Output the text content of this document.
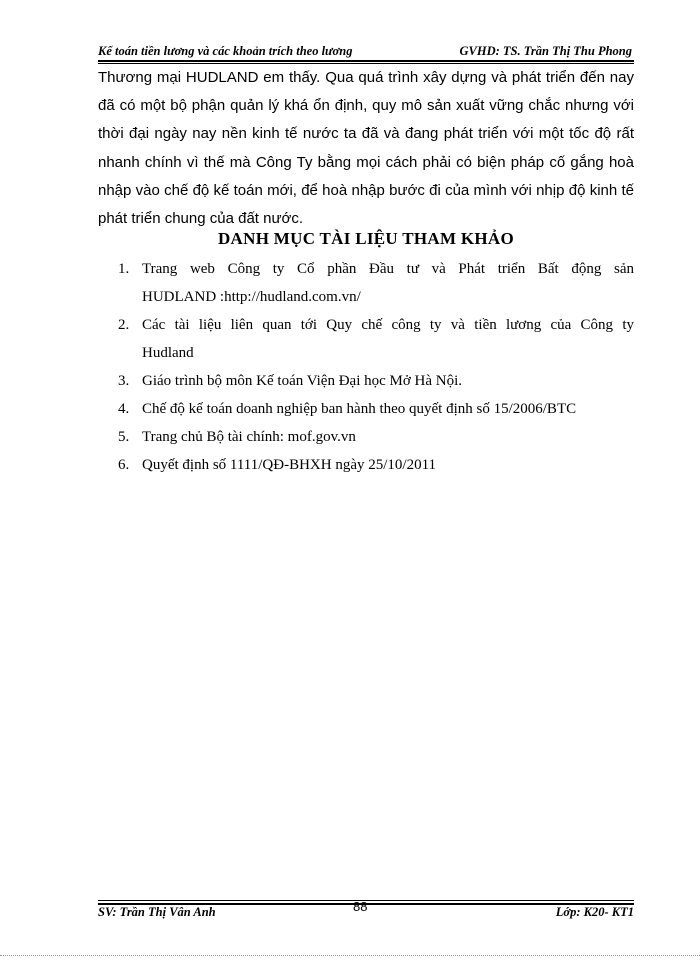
Kế toán tiền lương và các khoản trích theo lương	GVHD: TS. Trần Thị Thu Phong
Thương mại HUDLAND em thấy. Qua quá trình xây dựng và phát triển đến nay
đã có một bộ phận quản lý khá ổn định, quy mô sản xuất vững chắc nhưng với
thời đại ngày nay nền kinh tế nước ta đã và đang phát triển với một tốc độ rất
nhanh chính vì thế mà Công Ty bằng mọi cách phải có biện pháp cố gắng hoà
nhập vào chế độ kế toán mới, để hoà nhập bước đi của mình với nhịp độ kinh tế
phát triển chung của đất nước.
DANH MỤC TÀI LIỆU THAM KHẢO
1. Trang web Công ty Cổ phần Đầu tư và Phát triển Bất động sản
HUDLAND :http://hudland.com.vn/
2. Các tài liệu liên quan tới Quy chế công ty và tiền lương của Công ty
Hudland
3. Giáo trình bộ môn Kế toán Viện Đại học Mở Hà Nội.
4. Chế độ kế toán doanh nghiệp ban hành theo quyết định số 15/2006/BTC
5. Trang chủ Bộ tài chính: mof.gov.vn
6. Quyết định số 1111/QĐ-BHXH ngày 25/10/2011
SV: Trần Thị Vân Anh	Lớp: K20- KT1
88
